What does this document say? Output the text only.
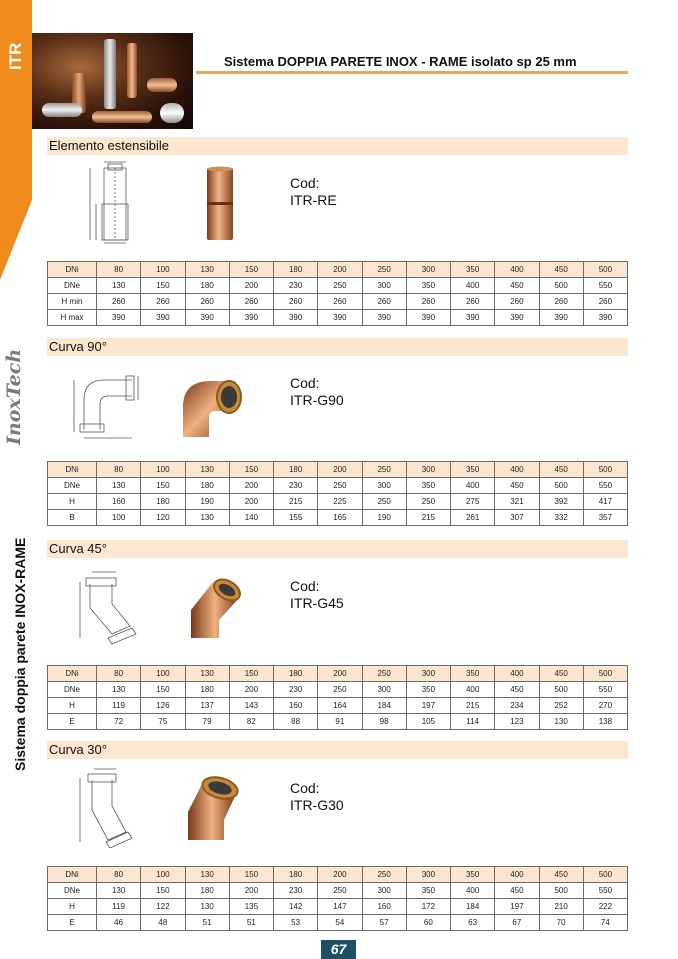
ITR
InoxTech
Sistema doppia parete INOX-RAME
Sistema DOPPIA PARETE INOX - RAME isolato sp 25 mm
Elemento estensibile
Cod:
ITR-RE
DNi	80	100	130	150	180	200	250	300	350	400	450	500
DNe	130	150	180	200	230	250	300	350	400	450	500	550
H min	260	260	260	260	260	260	260	260	260	260	260	260
H max	390	390	390	390	390	390	390	390	390	390	390	390
Curva 90°
Cod:
ITR-G90
DNi	80	100	130	150	180	200	250	300	350	400	450	500
DNe	130	150	180	200	230	250	300	350	400	450	500	550
H	160	180	190	200	215	225	250	250	275	321	392	417
B	100	120	130	140	155	165	190	215	261	307	332	357
Curva 45°
Cod:
ITR-G45
DNi	80	100	130	150	180	200	250	300	350	400	450	500
DNe	130	150	180	200	230	250	300	350	400	450	500	550
H	119	126	137	143	160	164	184	197	215	234	252	270
E	72	75	79	82	88	91	98	105	114	123	130	138
Curva 30°
Cod:
ITR-G30
DNi	80	100	130	150	180	200	250	300	350	400	450	500
DNe	130	150	180	200	230	250	300	350	400	450	500	550
H	119	122	130	135	142	147	160	172	184	197	210	222
E	46	48	51	51	53	54	57	60	63	67	70	74
67
